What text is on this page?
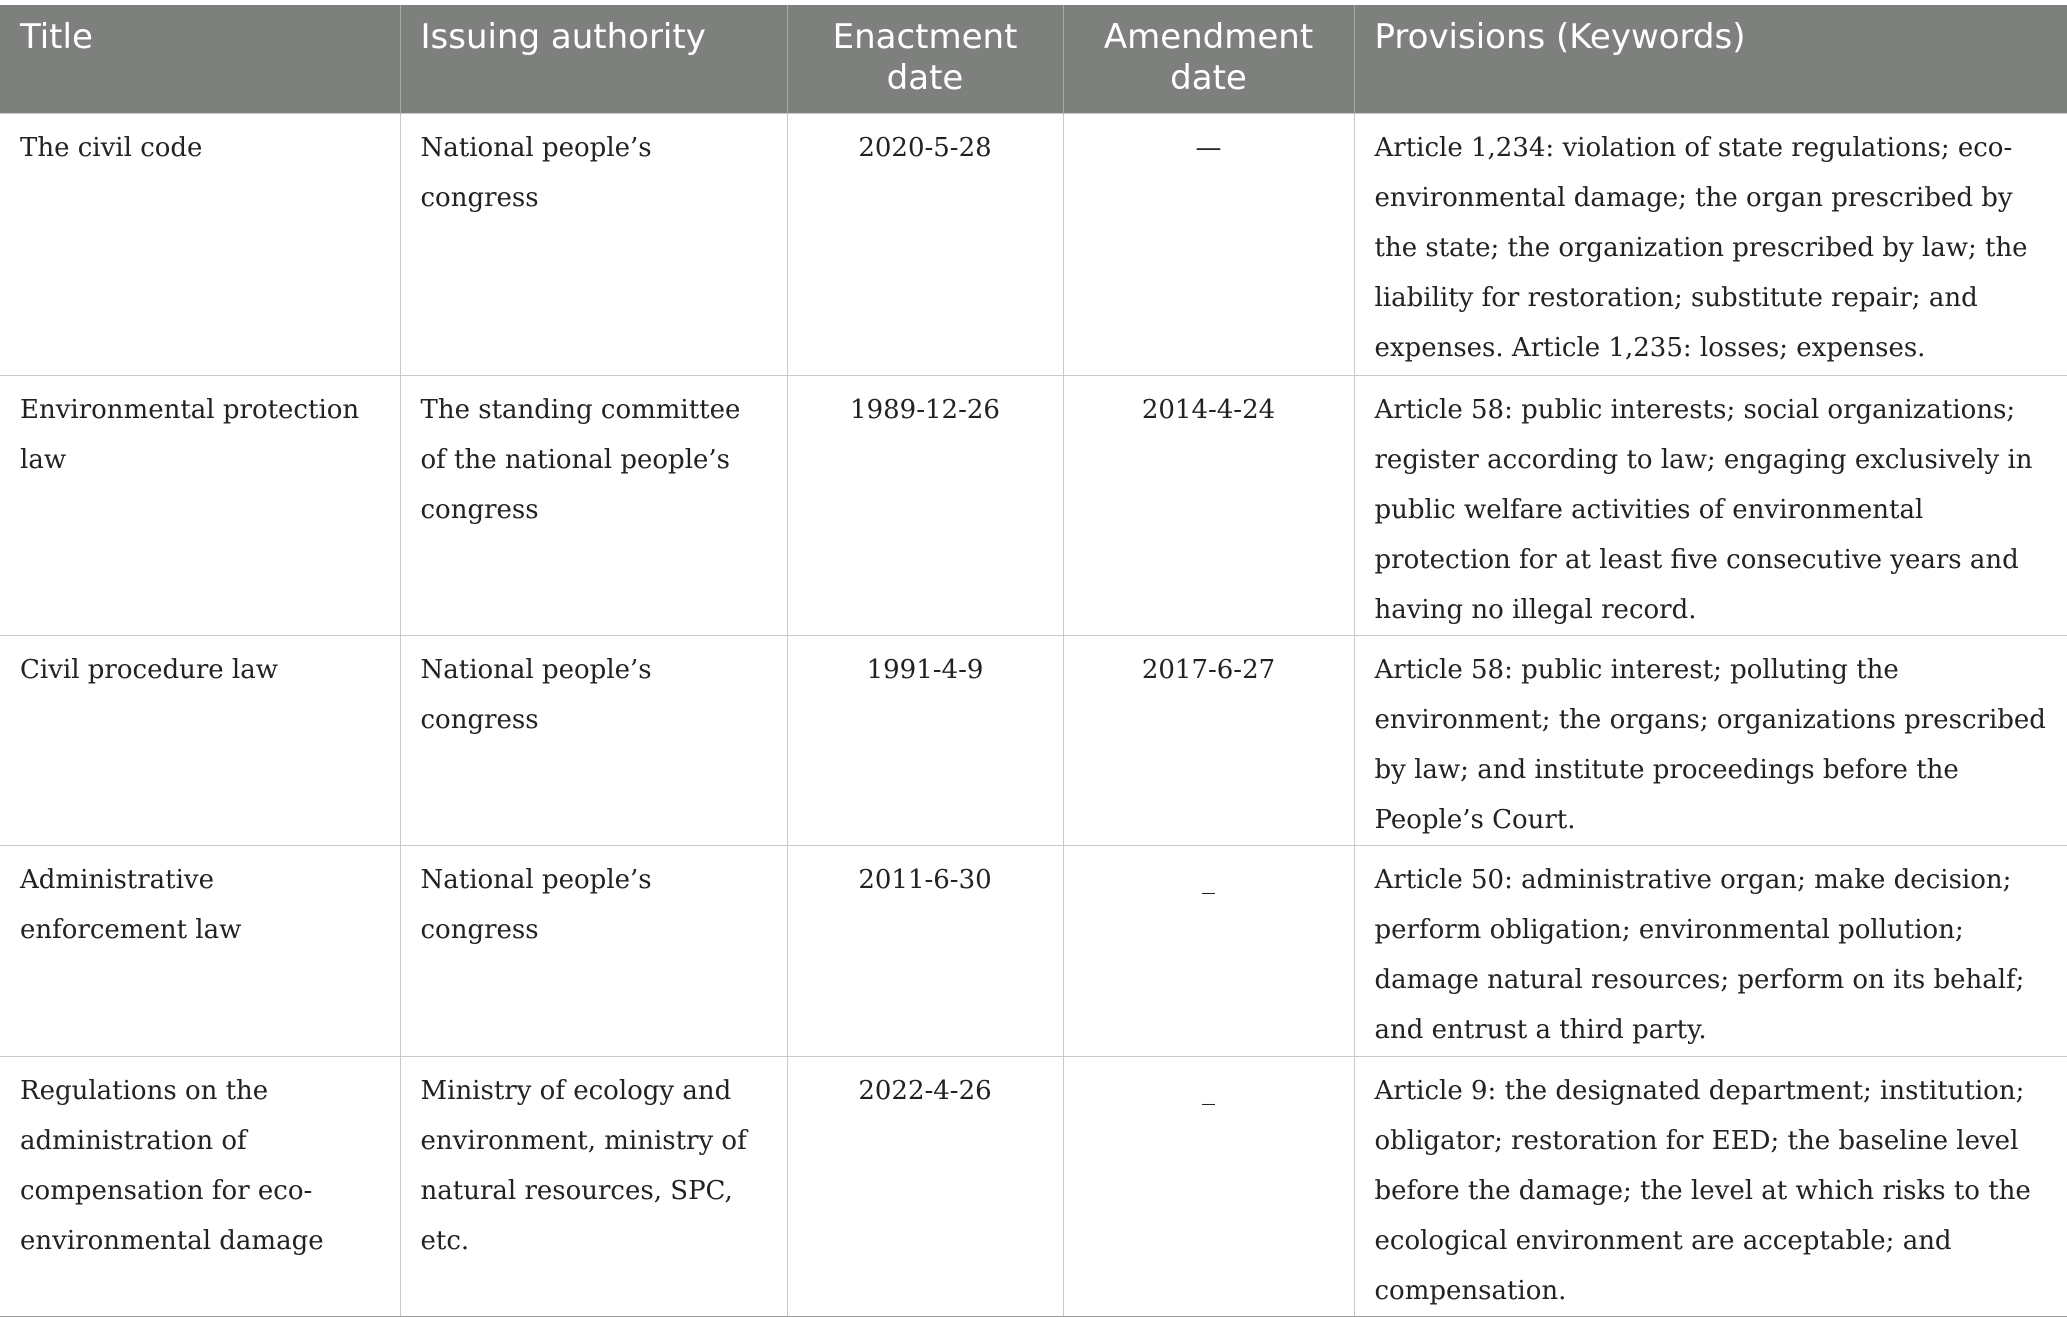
Title	Issuing authority	Enactment date	Amendment date	Provisions (Keywords)
The civil code	National people’s congress	2020-5-28	—	Article 1,234: violation of state regulations; eco-environmental damage; the organ prescribed by the state; the organization prescribed by law; the liability for restoration; substitute repair; and expenses. Article 1,235: losses; expenses.
Environmental protection law	The standing committee of the national people’s congress	1989-12-26	2014-4-24	Article 58: public interests; social organizations; register according to law; engaging exclusively in public welfare activities of environmental protection for at least five consecutive years and having no illegal record.
Civil procedure law	National people’s congress	1991-4-9	2017-6-27	Article 58: public interest; polluting the environment; the organs; organizations prescribed by law; and institute proceedings before the People’s Court.
Administrative enforcement law	National people’s congress	2011-6-30	_	Article 50: administrative organ; make decision; perform obligation; environmental pollution; damage natural resources; perform on its behalf; and entrust a third party.
Regulations on the administration of compensation for eco-environmental damage	Ministry of ecology and environment, ministry of natural resources, SPC, etc.	2022-4-26	_	Article 9: the designated department; institution; obligator; restoration for EED; the baseline level before the damage; the level at which risks to the ecological environment are acceptable; and compensation.
